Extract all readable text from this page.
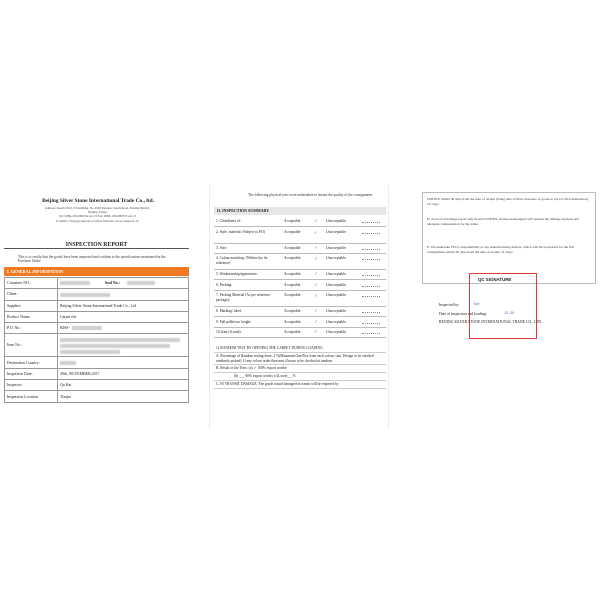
Beijing Silver Stone International Trade Co., ltd.
Address: Room 2016, F4 building, No.1006 Renqiao South Road, Daxing District,
Beijing, China
Tel: 0086-1052280354 ext.13 Fax: 0086-1052280355 ext.13
E-MAIL: Vicky@conprotec.com.cn Website: www.conprotec.cn
INSPECTION REPORT
This is to certify that the goods have been inspected and confirm to the specifications mentioned in the Purchase Order:
I. GENERAL INFORMATION
Container NO.:	Seal No.:
Client:	
Supplier:	Beijing Silver Stone International Trade Co., Ltd
Product Name:	Carpet tile
P.O. No.:	BJSS-
Item No.:	

Destination Country:	
Inspection Date:	30th, NOVEMBER,2017
Inspector:	Qu Kai
Inspection Location	Tianjin
The following physical tests were undertaken to ensure the quality of the consignment:
II. INSPECTION SUMMARY
1. Cleanliness of:	Acceptable:	✓ Unacceptable:
2. Style, material: (Subject to PO)	Acceptable:	✓ Unacceptable:
3. Size:	Acceptable:	✓ Unacceptable:
4. Colour matching: (Within dye lot tolerance)
Acceptable:	✓ Unacceptable:
5. Workmanship/appearance:	Acceptable:	✓ Unacceptable:
6. Packing:	Acceptable:	✓ Unacceptable:
7. Packing Material (As per reference package):
Acceptable:	✓ Unacceptable:
8. Marking/ label:	Acceptable:	✓ Unacceptable:
9. Full pallet/sea freight:	Acceptable:	✓ Unacceptable:
10.Joint (if used):	Acceptable:	✓ Unacceptable:

11.RANDOM TEST BY OPENING THE CARPET DURING LOADING

A. Percentage of Random testing done: 2 %(Minimum One Box from each colour, size, Design to be checked randomly picked). If any colour order then min 4 boxes to be checked at random.

B. Result of the Tests: (a) ✓ 100% export worthy

(b) ___ 90% export worthy (c)Lower___%

C. IN TRANSIT DAMAGE: The goods found damaged in transit will be reported by

UNITEX within 30 days from the date of receipt (being date of tibet clearance of goods at port of final destination) of cargo.

D. A proof of damage report will be sent UNITEX and the undersigned will present the damage analysis and adequate compensation for the same.

E. We undertake FULL responsibility of any manufacturing defects, which will have reported for the full consignment within 30 days from the date of receipt of cargo.

QC SIGNATURE
Inspected by:	Kai
Date of inspection and loading:	11.30
BEIJING SILVER STONE INTERNATIONAL TRADE CO., LTD.
